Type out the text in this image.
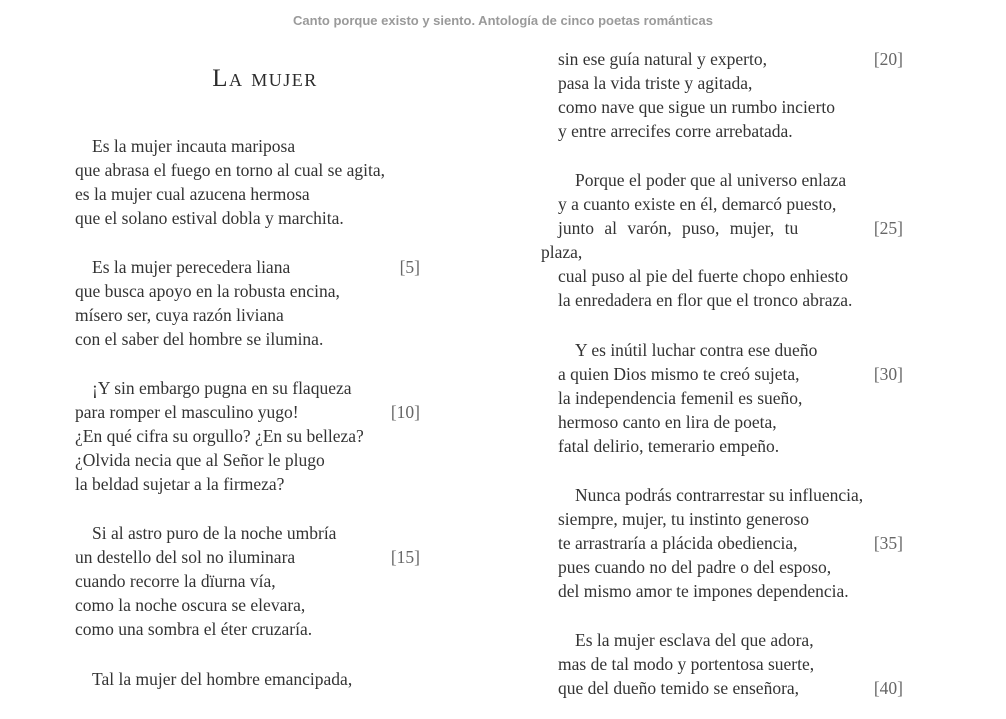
Canto porque existo y siento. Antología de cinco poetas románticas
La mujer
Es la mujer incauta mariposa
que abrasa el fuego en torno al cual se agita,
es la mujer cual azucena hermosa
que el solano estival dobla y marchita.
Es la mujer perecedera liana	[5]
que busca apoyo en la robusta encina,
mísero ser, cuya razón liviana
con el saber del hombre se ilumina.
¡Y sin embargo pugna en su flaqueza
para romper el masculino yugo!	[10]
¿En qué cifra su orgullo? ¿En su belleza?
¿Olvida necia que al Señor le plugo
la beldad sujetar a la firmeza?
Si al astro puro de la noche umbría
un destello del sol no iluminara	[15]
cuando recorre la dïurna vía,
como la noche oscura se elevara,
como una sombra el éter cruzaría.
Tal la mujer del hombre emancipada,
sin ese guía natural y experto,	[20]
pasa la vida triste y agitada,
como nave que sigue un rumbo incierto
y entre arrecifes corre arrebatada.
Porque el poder que al universo enlaza
y a cuanto existe en él, demarcó puesto,
junto al varón, puso, mujer, tu	[25]
plaza,
cual puso al pie del fuerte chopo enhiesto
la enredadera en flor que el tronco abraza.
Y es inútil luchar contra ese dueño
a quien Dios mismo te creó sujeta,	[30]
la independencia femenil es sueño,
hermoso canto en lira de poeta,
fatal delirio, temerario empeño.
Nunca podrás contrarrestar su influencia,
siempre, mujer, tu instinto generoso
te arrastraría a plácida obediencia,	[35]
pues cuando no del padre o del esposo,
del mismo amor te impones dependencia.
Es la mujer esclava del que adora,
mas de tal modo y portentosa suerte,
que del dueño temido se enseñora,	[40]
